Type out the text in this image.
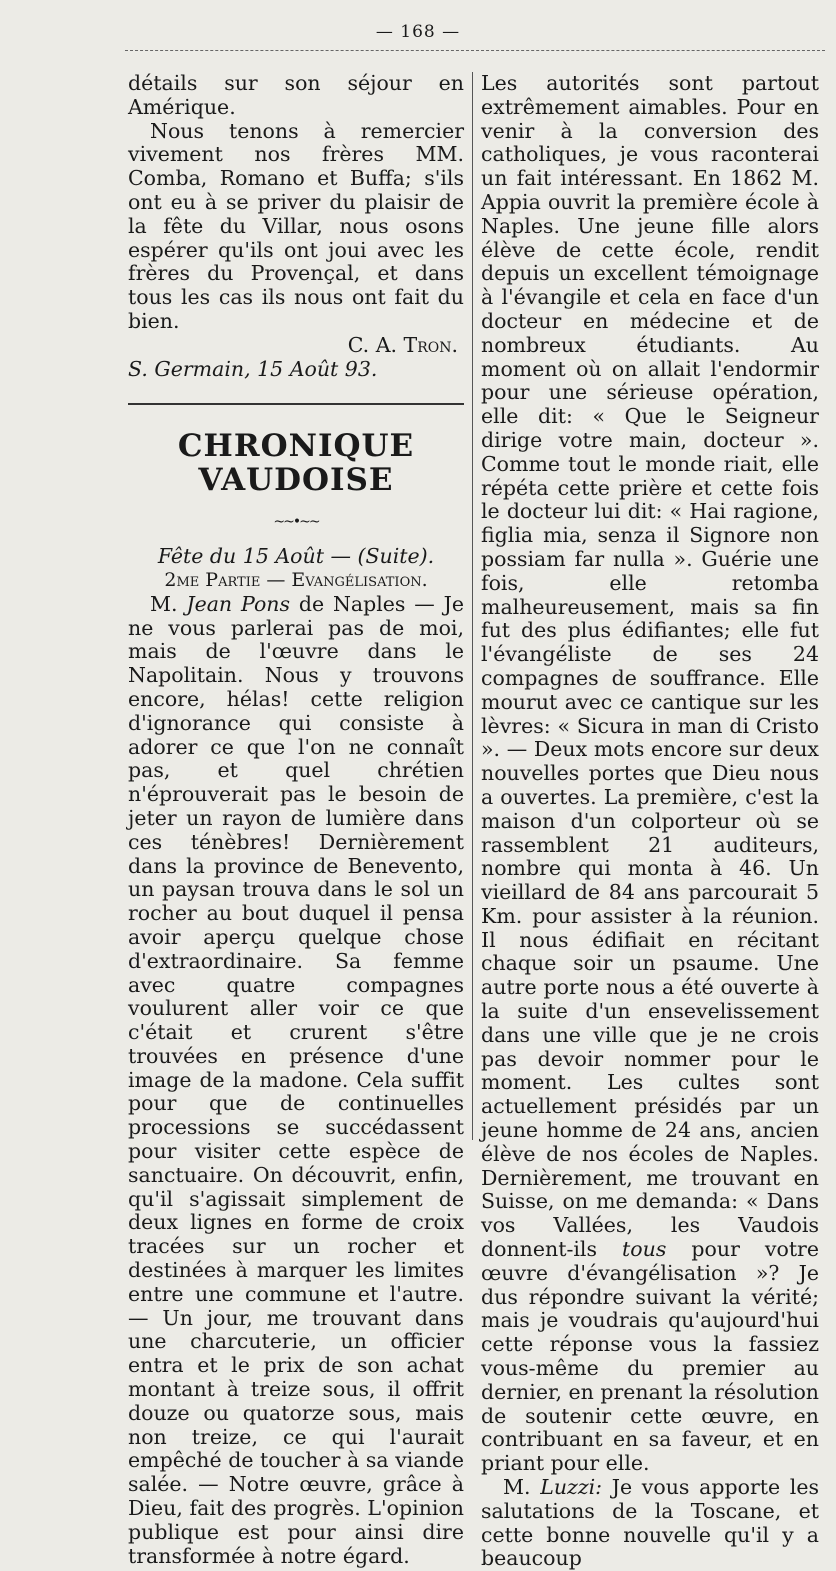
— 168 —

détails sur son séjour en Amérique.

Nous tenons à remercier vivement nos frères MM. Comba, Romano et Buffa; s'ils ont eu à se priver du plaisir de la fête du Villar, nous osons espérer qu'ils ont joui avec les frères du Provençal, et dans tous les cas ils nous ont fait du bien.

C. A. Tron.

S. Germain, 15 Août 93.

CHRONIQUE VAUDOISE
~~•~~

Fête du 15 Août — (Suite).

2me Partie — Evangélisation.

M. Jean Pons de Naples — Je ne vous parlerai pas de moi, mais de l'œuvre dans le Napolitain. Nous y trouvons encore, hélas! cette religion d'ignorance qui consiste à adorer ce que l'on ne connaît pas, et quel chrétien n'éprouverait pas le besoin de jeter un rayon de lumière dans ces ténèbres! Dernièrement dans la province de Benevento, un paysan trouva dans le sol un rocher au bout duquel il pensa avoir aperçu quelque chose d'extraordinaire. Sa femme avec quatre compagnes voulurent aller voir ce que c'était et crurent s'être trouvées en présence d'une image de la madone. Cela suffit pour que de continuelles processions se succédassent pour visiter cette espèce de sanctuaire. On découvrit, enfin, qu'il s'agissait simplement de deux lignes en forme de croix tracées sur un rocher et destinées à marquer les limites entre une commune et l'autre. — Un jour, me trouvant dans une charcuterie, un officier entra et le prix de son achat montant à treize sous, il offrit douze ou quatorze sous, mais non treize, ce qui l'aurait empêché de toucher à sa viande salée. — Notre œuvre, grâce à Dieu, fait des progrès. L'opinion publique est pour ainsi dire transformée à notre égard.

Les autorités sont partout extrêmement aimables. Pour en venir à la conversion des catholiques, je vous raconterai un fait intéressant. En 1862 M. Appia ouvrit la première école à Naples. Une jeune fille alors élève de cette école, rendit depuis un excellent témoignage à l'évangile et cela en face d'un docteur en médecine et de nombreux étudiants. Au moment où on allait l'endormir pour une sérieuse opération, elle dit: « Que le Seigneur dirige votre main, docteur ». Comme tout le monde riait, elle répéta cette prière et cette fois le docteur lui dit: « Hai ragione, figlia mia, senza il Signore non possiam far nulla ». Guérie une fois, elle retomba malheureusement, mais sa fin fut des plus édifiantes; elle fut l'évangéliste de ses 24 compagnes de souffrance. Elle mourut avec ce cantique sur les lèvres: « Sicura in man di Cristo ». — Deux mots encore sur deux nouvelles portes que Dieu nous a ouvertes. La première, c'est la maison d'un colporteur où se rassemblent 21 auditeurs, nombre qui monta à 46. Un vieillard de 84 ans parcourait 5 Km. pour assister à la réunion. Il nous édifiait en récitant chaque soir un psaume. Une autre porte nous a été ouverte à la suite d'un ensevelissement dans une ville que je ne crois pas devoir nommer pour le moment. Les cultes sont actuellement présidés par un jeune homme de 24 ans, ancien élève de nos écoles de Naples. Dernièrement, me trouvant en Suisse, on me demanda: « Dans vos Vallées, les Vaudois donnent-ils tous pour votre œuvre d'évangélisation »? Je dus répondre suivant la vérité; mais je voudrais qu'aujourd'hui cette réponse vous la fassiez vous-même du premier au dernier, en prenant la résolution de soutenir cette œuvre, en contribuant en sa faveur, et en priant pour elle.

M. Luzzi: Je vous apporte les salutations de la Toscane, et cette bonne nouvelle qu'il y a beaucoup
